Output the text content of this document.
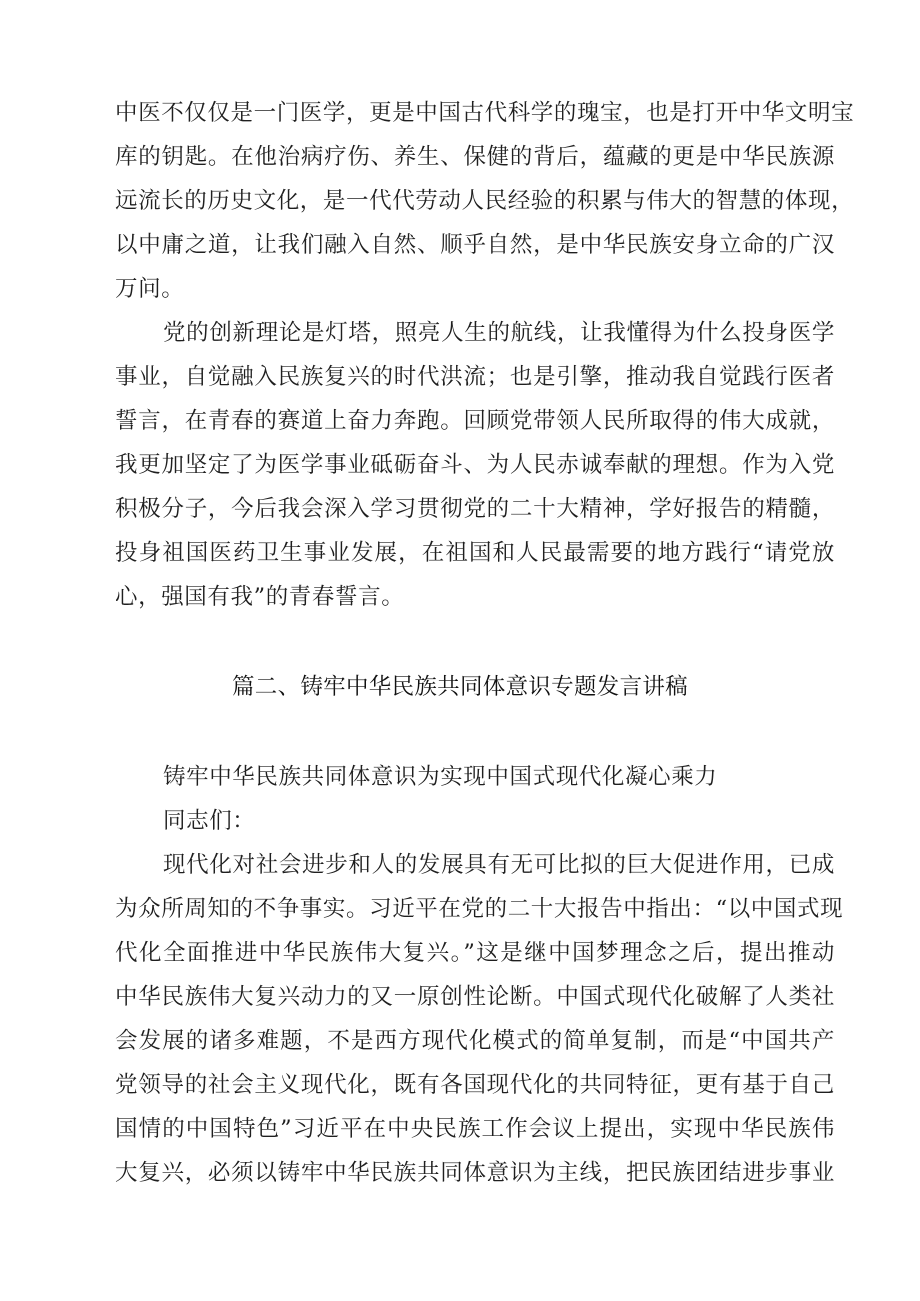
中医不仅仅是一门医学，更是中国古代科学的瑰宝，也是打开中华文明宝
库的钥匙。在他治病疗伤、养生、保健的背后，蕴藏的更是中华民族源
远流长的历史文化，是一代代劳动人民经验的积累与伟大的智慧的体现，
以中庸之道，让我们融入自然、顺乎自然，是中华民族安身立命的广汉
万问。
党的创新理论是灯塔，照亮人生的航线，让我懂得为什么投身医学
事业，自觉融入民族复兴的时代洪流；也是引擎，推动我自觉践行医者
誓言，在青春的赛道上奋力奔跑。回顾党带领人民所取得的伟大成就，
我更加坚定了为医学事业砥砺奋斗、为人民赤诚奉献的理想。作为入党
积极分子，今后我会深入学习贯彻党的二十大精神，学好报告的精髓，
投身祖国医药卫生事业发展，在祖国和人民最需要的地方践行“请党放
心，强国有我”的青春誓言。
篇二、铸牢中华民族共同体意识专题发言讲稿
铸牢中华民族共同体意识为实现中国式现代化凝心乘力
同志们：
现代化对社会进步和人的发展具有无可比拟的巨大促进作用，已成
为众所周知的不争事实。习近平在党的二十大报告中指出：“以中国式现
代化全面推进中华民族伟大复兴。”这是继中国梦理念之后，提出推动
中华民族伟大复兴动力的又一原创性论断。中国式现代化破解了人类社
会发展的诸多难题，不是西方现代化模式的简单复制，而是“中国共产
党领导的社会主义现代化，既有各国现代化的共同特征，更有基于自己
国情的中国特色”习近平在中央民族工作会议上提出，实现中华民族伟
大复兴，必须以铸牢中华民族共同体意识为主线，把民族团结进步事业
